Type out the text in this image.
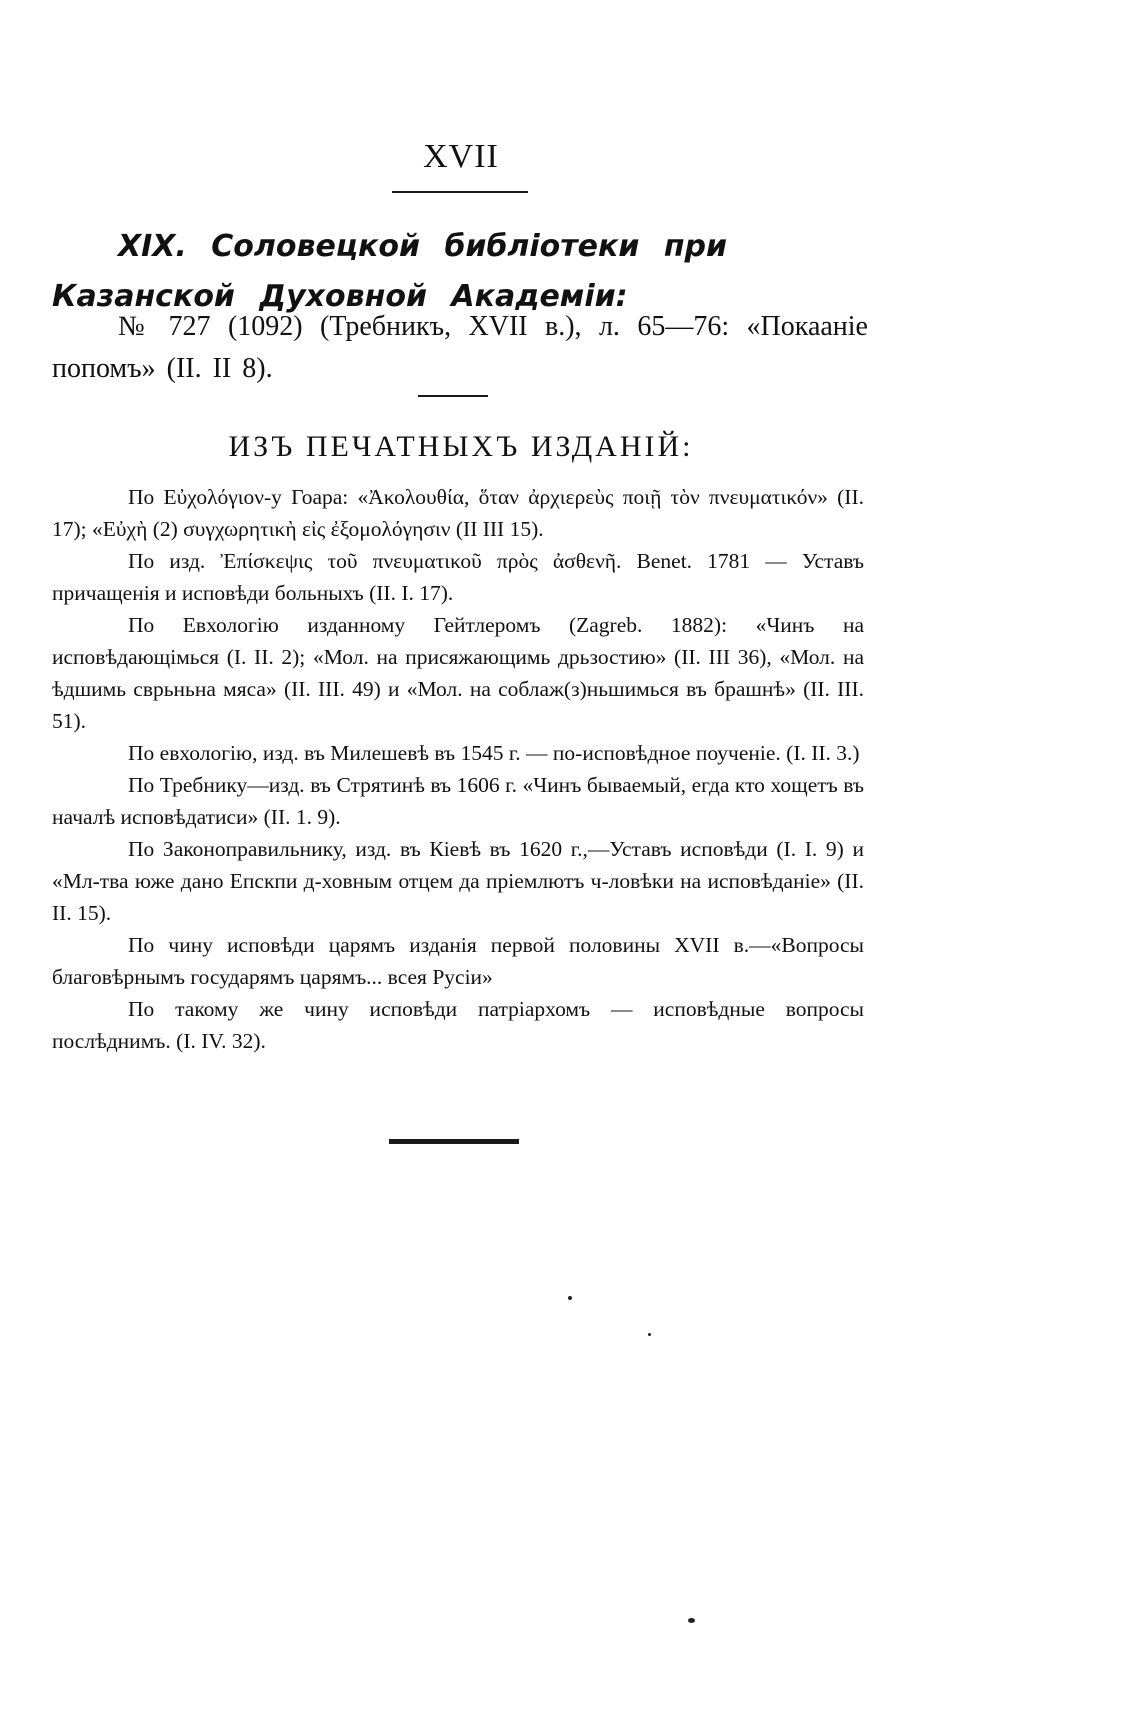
XVII
XIX. Соловецкой библіотеки при Казанской Духовной Академіи:
№ 727 (1092) (Требникъ, XVII в.), л. 65—76: «Покааніе попомъ» (II. II 8).
ИЗЪ ПЕЧАТНЫХЪ ИЗДАНІЙ:

По Εὐχολόγιον-у Гоара: «Ἀκολουθία, ὅταν ἀρχιερεὺς ποιῇ τὸν πνευματικόν» (II. 17); «Εὐχὴ (2) συγχωρητικὴ εἰς ἐξομολόγησιν (II III 15).

По изд. Ἐπίσκεψις τοῦ πνευματικοῦ πρὸς ἀσθενῆ. Benet. 1781 — Уставъ причащенія и исповѣди больныхъ (II. I. 17).

По Евхологію изданному Гейтлеромъ (Zagreb. 1882): «Чинъ на исповѣдающімься (I. II. 2); «Мол. на присяжающимь дрьзостию» (II. III 36), «Мол. на ѣдшимь сврьньна мяса» (II. III. 49) и «Мол. на соблаж(з)ньшимься въ брашнѣ» (II. III. 51).

По евхологію, изд. въ Милешевѣ въ 1545 г. — по-исповѣдное поученіе. (I. II. 3.)

По Требнику—изд. въ Стрятинѣ въ 1606 г. «Чинъ бываемый, егда кто хощетъ въ началѣ исповѣдатиси» (II. 1. 9).

По Законоправильнику, изд. въ Кіевѣ въ 1620 г.,—Уставъ исповѣди (I. I. 9) и «Мл-тва юже дано Епскпи д-ховным отцем да пріемлютъ ч-ловѣки на исповѣданіе» (II. II. 15).

По чину исповѣди царямъ изданія первой половины XVII в.—«Вопросы благовѣрнымъ государямъ царямъ... всея Русіи»

По такому же чину исповѣди патріархомъ — исповѣдные вопросы послѣднимъ. (I. IV. 32).
